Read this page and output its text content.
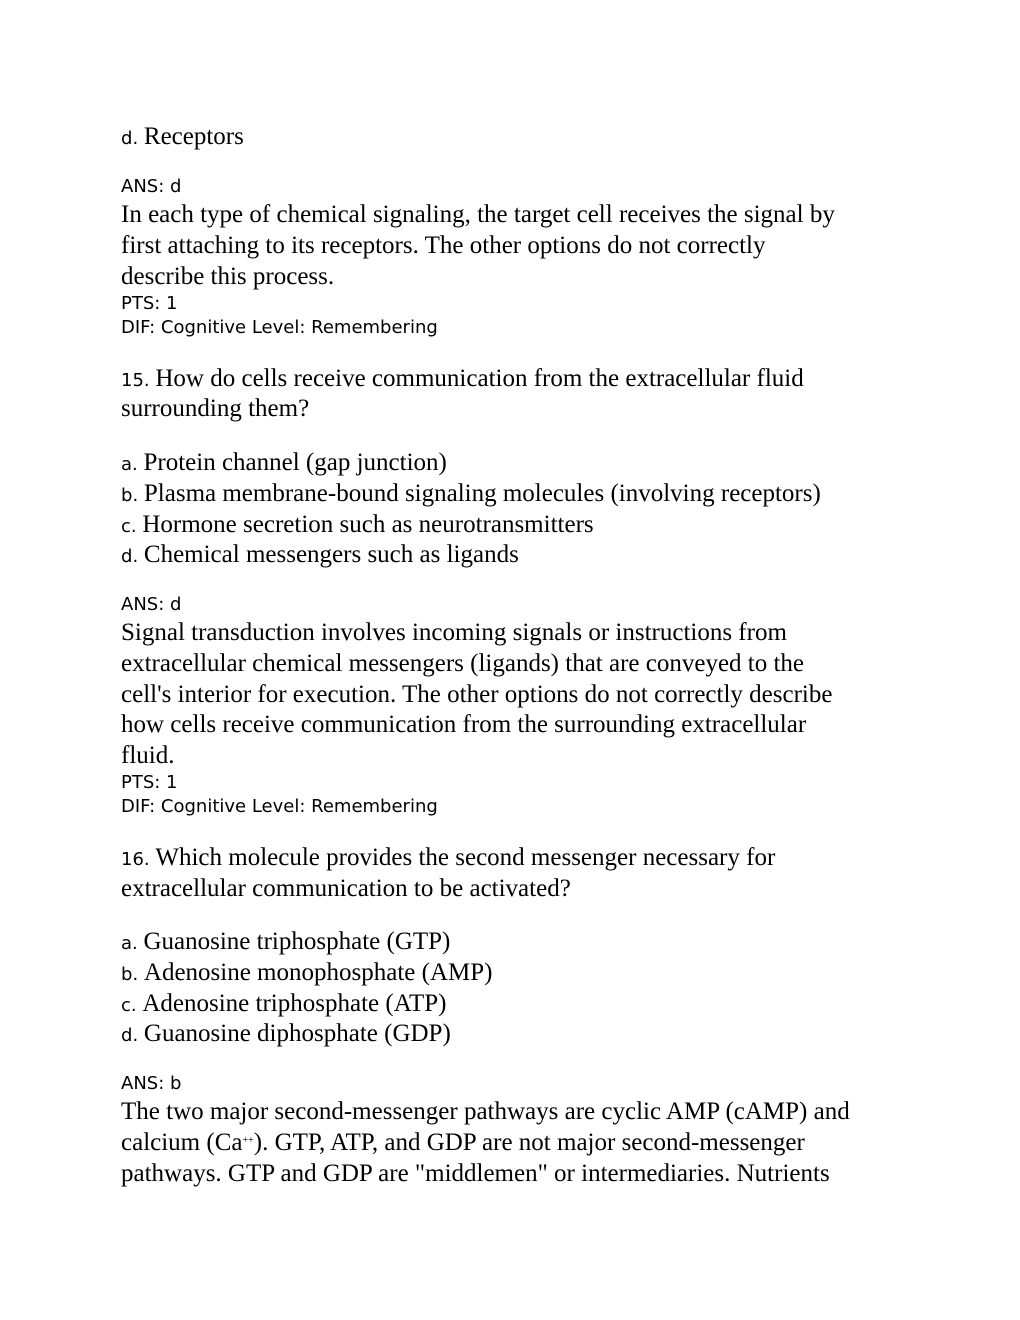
d. Receptors
ANS: d
In each type of chemical signaling, the target cell receives the signal by
first attaching to its receptors. The other options do not correctly
describe this process.
PTS: 1
DIF: Cognitive Level: Remembering
15. How do cells receive communication from the extracellular fluid
surrounding them?
a. Protein channel (gap junction)
b. Plasma membrane-bound signaling molecules (involving receptors)
c. Hormone secretion such as neurotransmitters
d. Chemical messengers such as ligands
ANS: d
Signal transduction involves incoming signals or instructions from
extracellular chemical messengers (ligands) that are conveyed to the
cell's interior for execution. The other options do not correctly describe
how cells receive communication from the surrounding extracellular
fluid.
PTS: 1
DIF: Cognitive Level: Remembering
16. Which molecule provides the second messenger necessary for
extracellular communication to be activated?
a. Guanosine triphosphate (GTP)
b. Adenosine monophosphate (AMP)
c. Adenosine triphosphate (ATP)
d. Guanosine diphosphate (GDP)
ANS: b
The two major second-messenger pathways are cyclic AMP (cAMP) and
calcium (Ca++). GTP, ATP, and GDP are not major second-messenger
pathways. GTP and GDP are "middlemen" or intermediaries. Nutrients
